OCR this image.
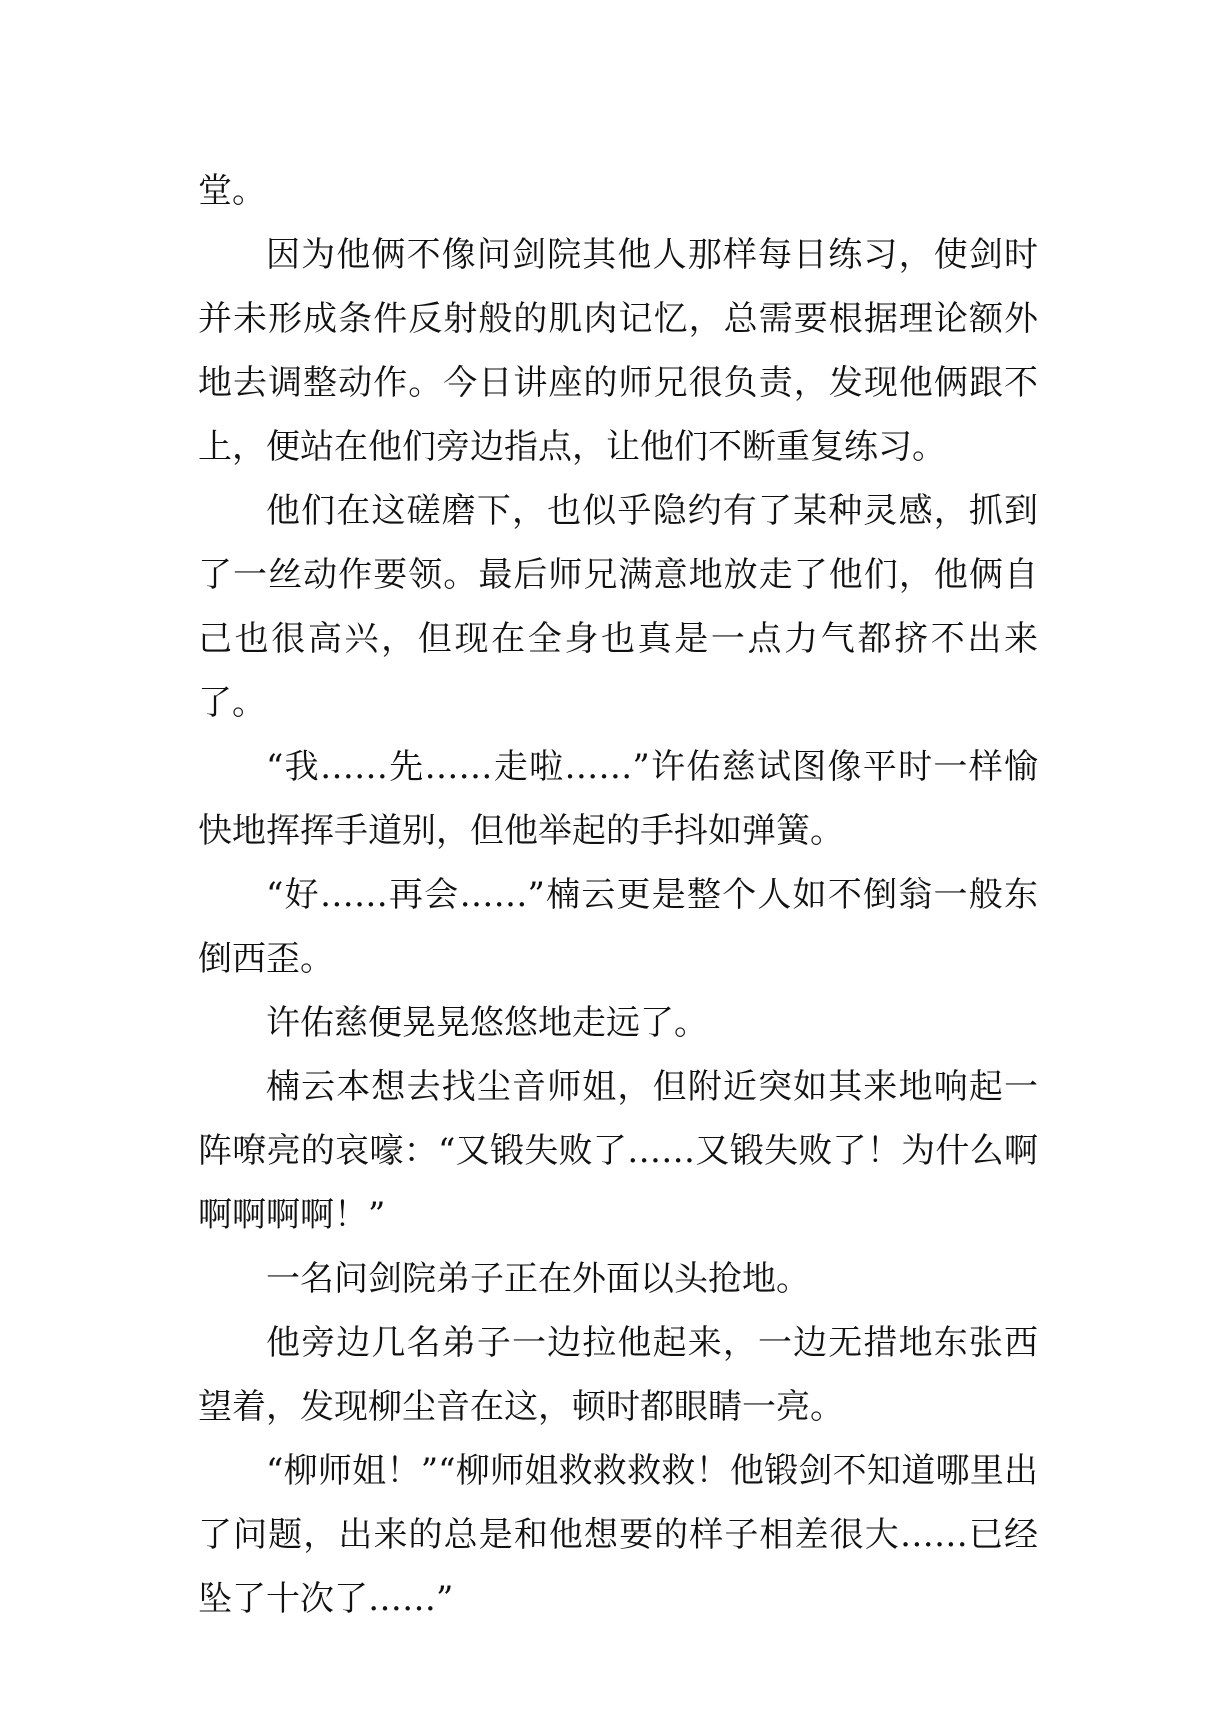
堂。

因为他俩不像问剑院其他人那样每日练习，使剑时并未形成条件反射般的肌肉记忆，总需要根据理论额外地去调整动作。今日讲座的师兄很负责，发现他俩跟不上，便站在他们旁边指点，让他们不断重复练习。

他们在这磋磨下，也似乎隐约有了某种灵感，抓到了一丝动作要领。最后师兄满意地放走了他们，他俩自己也很高兴，但现在全身也真是一点力气都挤不出来了。

“我……先……走啦……”许佑慈试图像平时一样愉快地挥挥手道别，但他举起的手抖如弹簧。

“好……再会……”楠云更是整个人如不倒翁一般东倒西歪。

许佑慈便晃晃悠悠地走远了。

楠云本想去找尘音师姐，但附近突如其来地响起一阵嘹亮的哀嚎：“又锻失败了……又锻失败了！为什么啊啊啊啊啊！”

一名问剑院弟子正在外面以头抢地。

他旁边几名弟子一边拉他起来，一边无措地东张西望着，发现柳尘音在这，顿时都眼睛一亮。

“柳师姐！”“柳师姐救救救救！他锻剑不知道哪里出了问题，出来的总是和他想要的样子相差很大……已经坠了十次了……”
